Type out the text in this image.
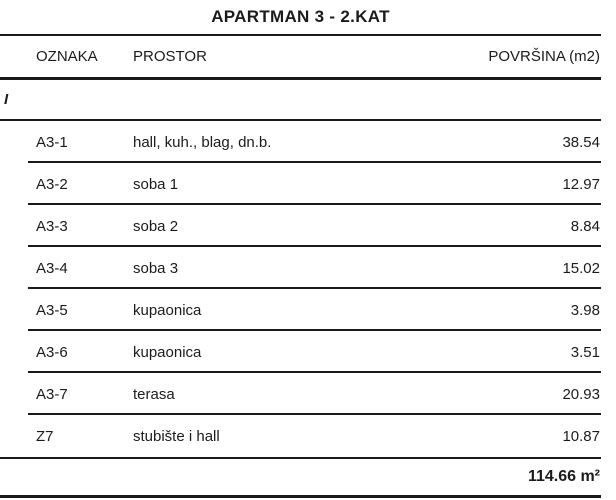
APARTMAN 3 - 2.KAT
OZNAKA	PROSTOR	POVRŠINA (m2)
I
A3-1	hall, kuh., blag, dn.b.	38.54
A3-2	soba 1	12.97
A3-3	soba 2	8.84
A3-4	soba 3	15.02
A3-5	kupaonica	3.98
A3-6	kupaonica	3.51
A3-7	terasa	20.93
Z7	stubište i hall	10.87
114.66 m²
